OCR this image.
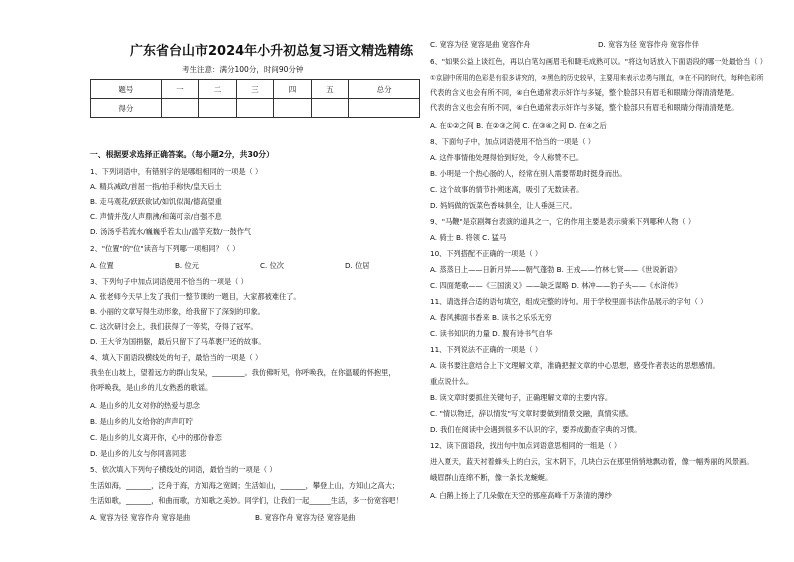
广东省台山市2024年小升初总复习语文精选精练
考生注意：满分100分，时间90分钟
题号	一	二	三	四	五	总分
得分						
一、根据要求选择正确答案。（每小题2分，共30分）
1、下列词语中，有错别字的是哪组相同的一项是（ ）
A. 精兵减政/首屈一指/拍手称快/皇天后土
B. 走马观花/跃跃欲试/如饥似渴/德高望重
C. 声情并茂/人声鼎沸/和蔼可亲/自强不息
D. 汤汤乎若流水/巍巍乎若太山/滥竽充数/一鼓作气
2、"位置"的"位"读音与下列哪一项相同？（ ）
A. 位置	B. 位元	C. 位次	D. 位居
3、下列句子中加点词语使用不恰当的一项是（ ）
A. 张老师今天早上发了我们一整节课的一题目，大家都被难住了。
B. 小丽的文章写得生动形象，给我留下了深刻的印象。
C. 这次研讨会上，我们获得了一等奖，夺得了冠军。
D. 王大爷为国捐躯，最后只留下了马革裹尸还的故事。
4、填入下面语段横线处的句子，最恰当的一项是（ ）
我坐在山坡上，望着远方的群山发呆，_________。我仿佛听见，你呼唤我，在你温暖的怀抱里，
你呼唤我，是山乡的儿女熟悉的歌谣。
A. 是山乡的儿女对你的热爱与思念
B. 是山乡的儿女给你的声声叮咛
C. 是山乡的儿女离开你，心中的那份眷恋
D. 是山乡的儿女与你同喜同悲
5、依次填入下列句子横线处的词语，最恰当的一项是（ ）
生活如海，_______，泛舟于海，方知海之宽阔；生活如山，_______，攀登上山，方知山之高大；
生活如歌，_______，和曲而歌，方知歌之美妙。同学们，让我们一起______生活，多一份宽容吧！
A. 宽容为径 宽容作舟 宽容是曲	B. 宽容作舟 宽容为径 宽容是曲
C. 宽容为径 宽容是曲 宽容作舟	D. 宽容为径 宽容作舟 宽容作伴
6、"如果公益上谈红色，再以白笔勾画眉毛和睫毛成熟可以。"将这句话放入下面语段的哪一处最恰当（ ）
①京剧中所用的色彩是有很多讲究的，②黑色的历史较早，主要用来表示忠勇与刚直，③在不同的时代，每种色彩所
代表的含义也会有所不同，④白色通常表示奸诈与多疑，整个脸部只有眉毛和眼睛分得清清楚楚。
代表的含义也会有所不同，④白色通常表示奸诈与多疑，整个脸部只有眉毛和眼睛分得清清楚楚。
A. 在①②之间 B. 在②③之间 C. 在③④之间 D. 在④之后
8、下面句子中，加点词语使用不恰当的一项是（ ）
A. 这件事情他处理得恰到好处，令人称赞不已。
B. 小明是一个热心肠的人，经常在别人需要帮助时挺身而出。
C. 这个故事的情节扑朔迷离，吸引了无数读者。
D. 妈妈做的饭菜色香味俱全，让人垂涎三尺。
9、"马鞭"是京剧舞台表演的道具之一，它的作用主要是表示骑乘下列哪种人物（ ）
A. 骑士 B. 将领 C. 猛马
10、下列搭配不正确的一项是（ ）
A. 蒸蒸日上——日新月异——朝气蓬勃 B. 王戎——竹林七贤——《世说新语》
C. 四面楚歌——《三国演义》——缺乏谋略 D. 林冲——豹子头——《水浒传》
11、请选择合适的语句填空，组成完整的诗句。用于学校里面书法作品展示的字句（ ）
A. 春风拂面书香来 B. 读书之乐乐无穷
C. 读书知识的力量 D. 腹有诗书气自华
11、下列说法不正确的一项是（ ）
A. 读书要注意结合上下文理解文章，准确把握文章的中心思想，感受作者表达的思想感情。
重点说什么。
B. 读文章时要抓住关键句子，正确理解文章的主要内容。
C. "情以物迁，辞以情发"写文章时要做到情景交融，真情实感。
D. 我们在阅读中会遇到很多不认识的字，要养成勤查字典的习惯。
12、读下面语段，找出句中加点词语意思相同的一组是（ ）
进入夏天，蓝天衬着蜂头上的白云，宝木阴下，几块白云在那里悄悄地飘动着，像一幅秀丽的风景画。
峨眉群山连绵不断，像一条长龙蜿蜒。
A. 白鹅上扬上了几朵傲在天空的那座高峰千万条清的薄纱
